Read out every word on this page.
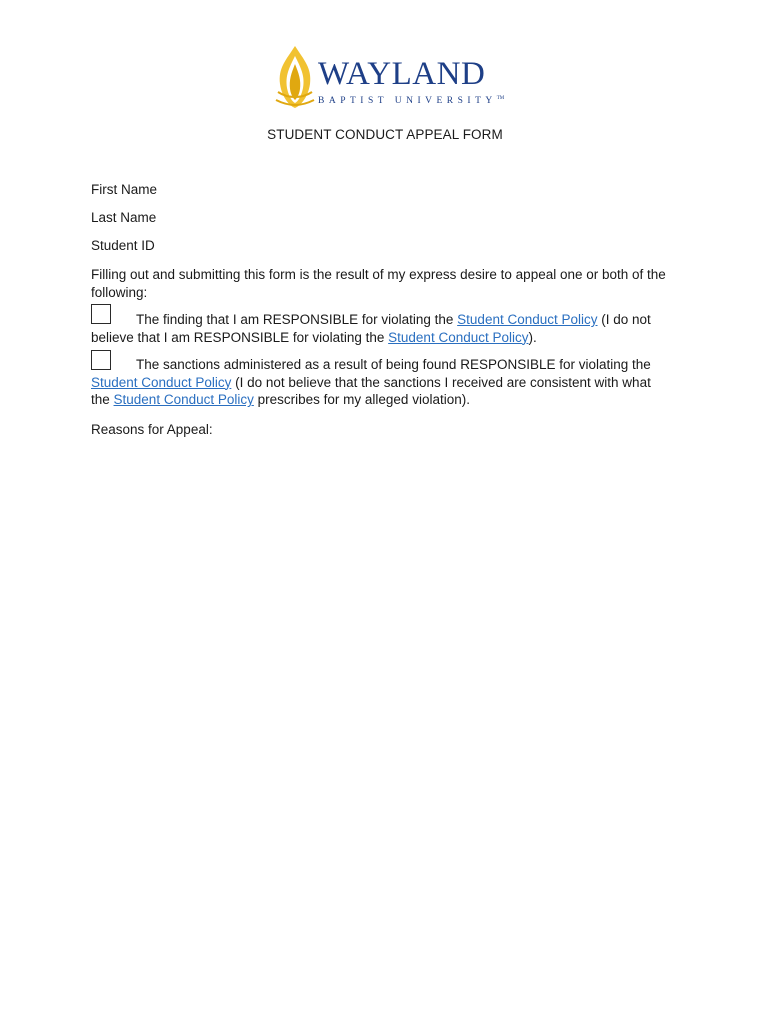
WAYLAND
BAPTIST UNIVERSITY™
STUDENT CONDUCT APPEAL FORM
First Name
Last Name
Student ID
Filling out and submitting this form is the result of my express desire to appeal one or both of the following:
The finding that I am RESPONSIBLE for violating the Student Conduct Policy (I do not believe that I am RESPONSIBLE for violating the Student Conduct Policy).
The sanctions administered as a result of being found RESPONSIBLE for violating the Student Conduct Policy (I do not believe that the sanctions I received are consistent with what the Student Conduct Policy prescribes for my alleged violation).
Reasons for Appeal:
